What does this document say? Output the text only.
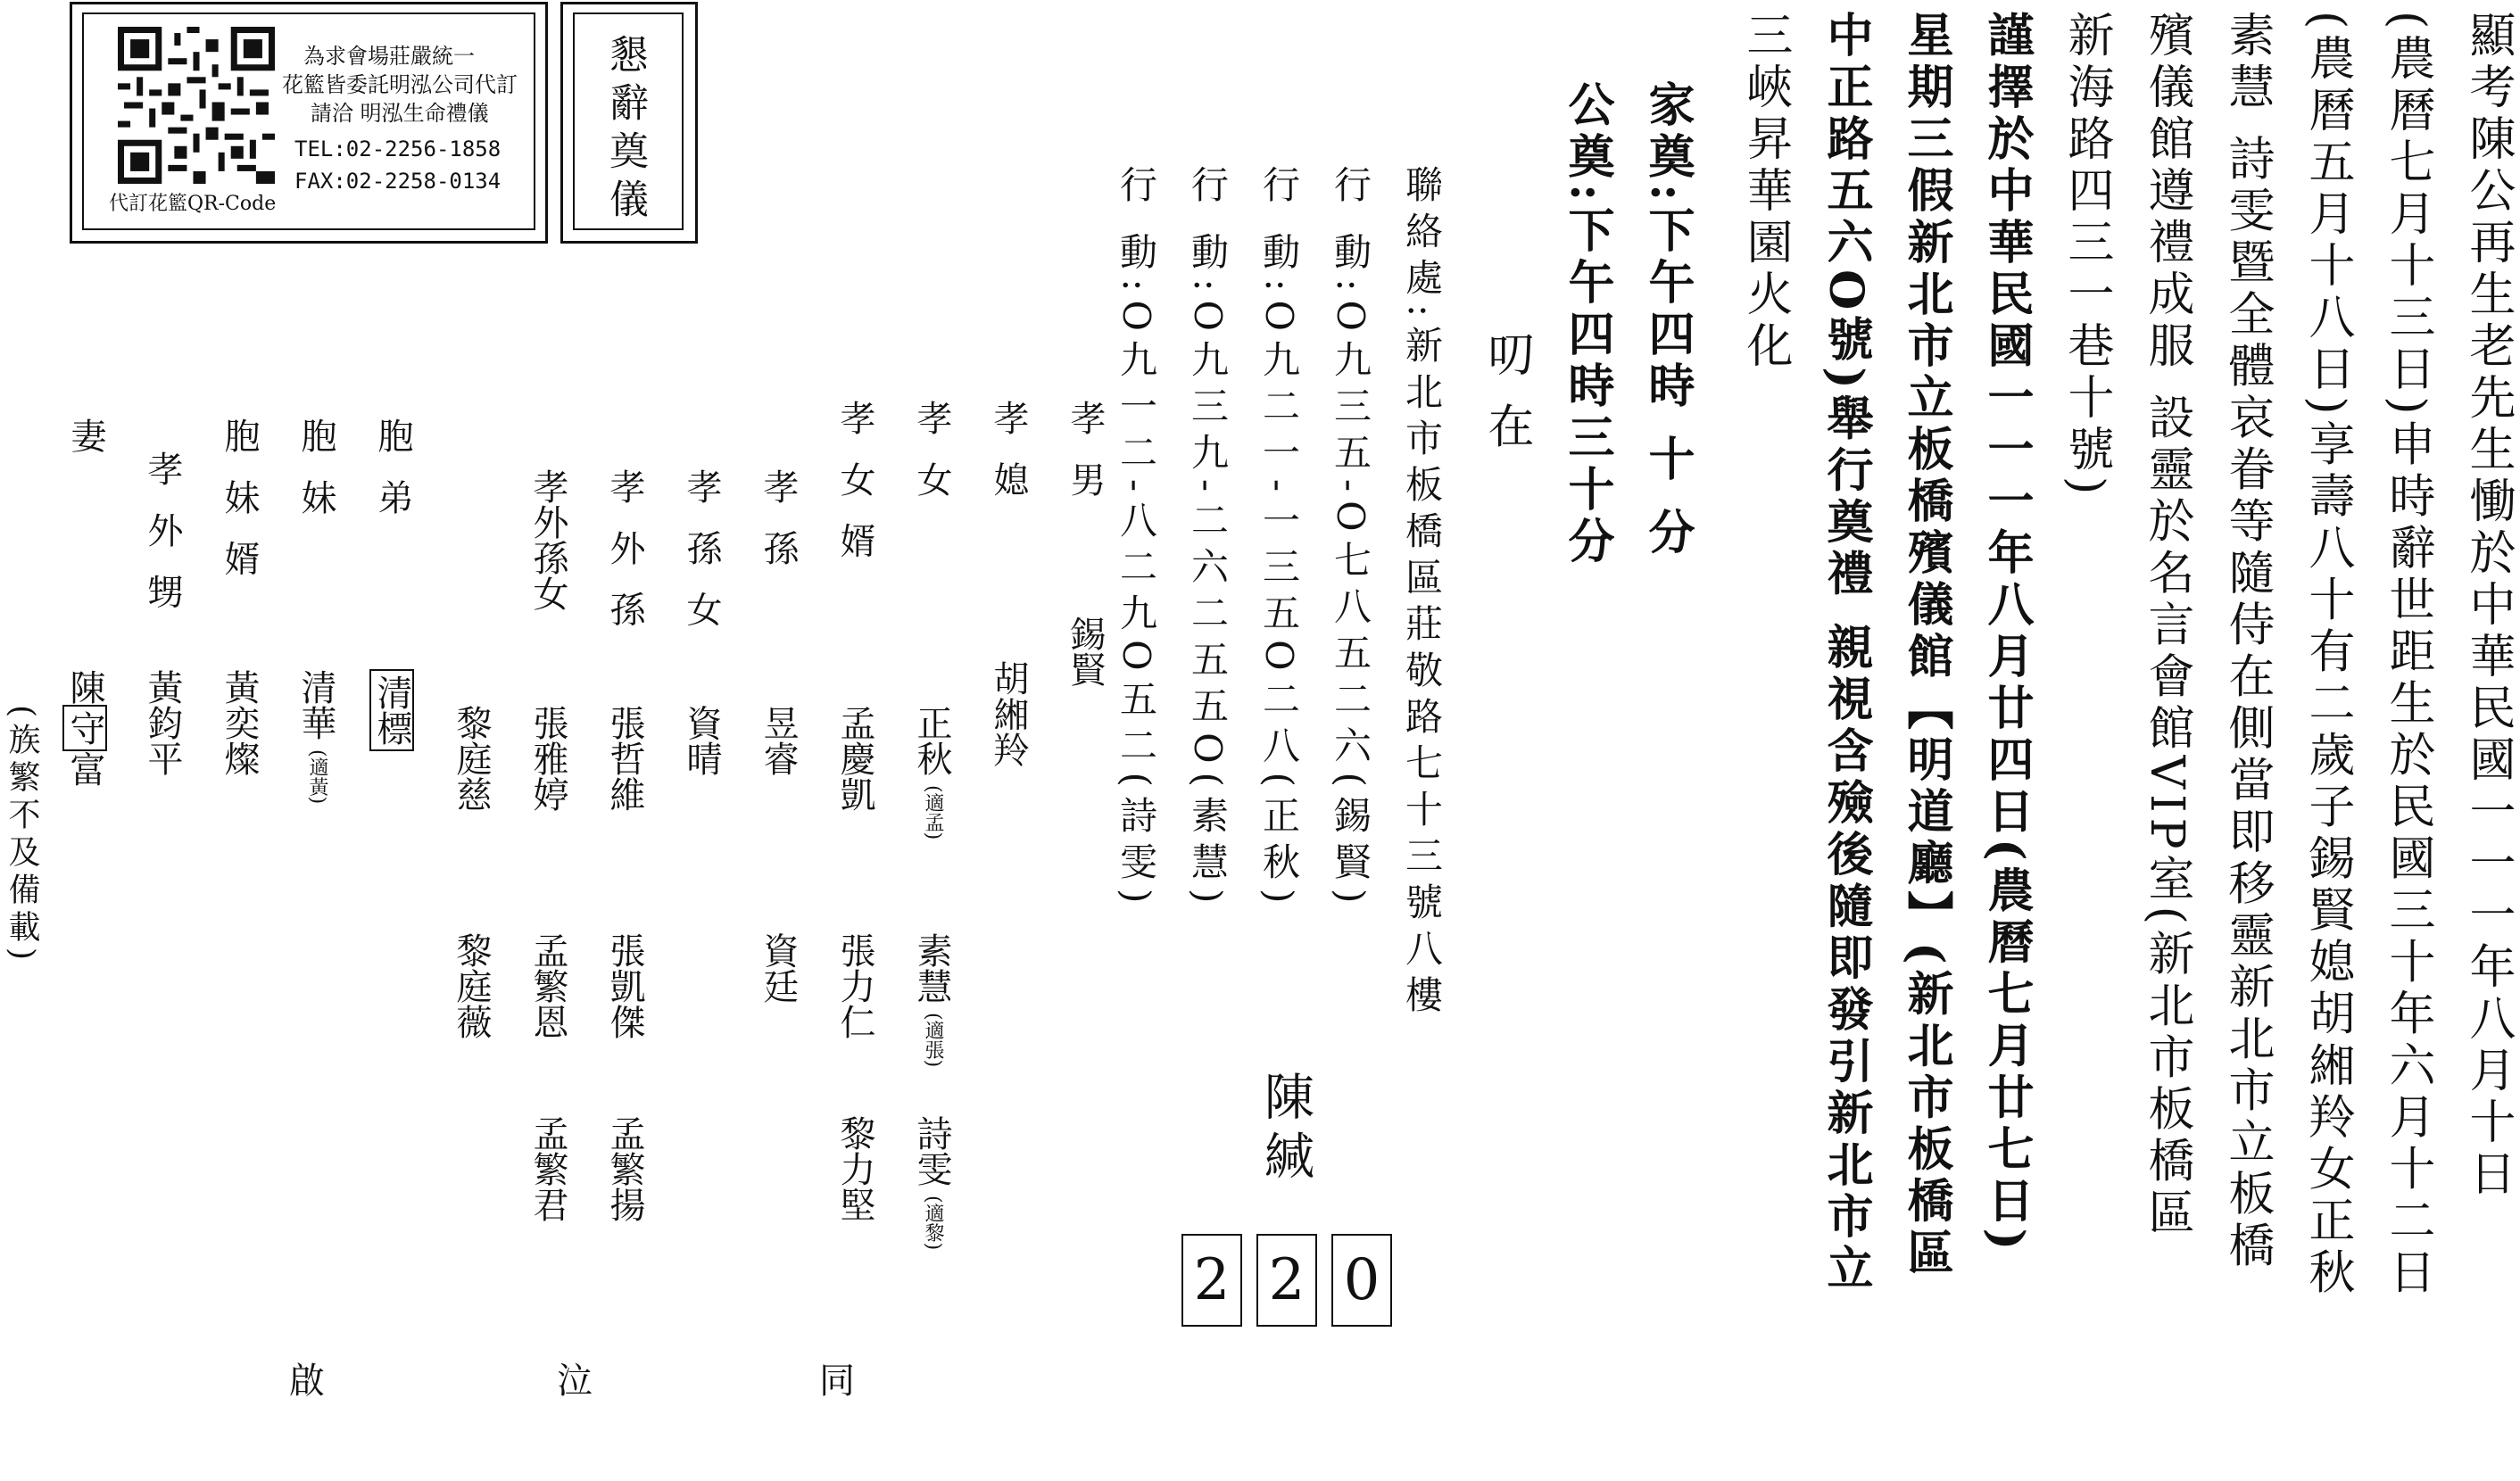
代訂花籃QR-Code
為求會場莊嚴統一
花籃皆委託明泓公司代訂
請洽 明泓生命禮儀
TEL:02-2256-1858
FAX:02-2258-0134	懇辭奠儀	顯考陳公再生老先生慟於中華民國一一一年八月十日
(農曆七月十三日)申時辭世距生於民國三十年六月十二日
(農曆五月十八日)享壽八十有二歲子錫賢媳胡緗羚女正秋
素慧 詩雯暨全體哀眷等隨侍在側當即移靈新北市立板橋
殯儀館遵禮成服 設靈於名言會館VIP室(新北市板橋區
新海路四三一巷十號)
謹擇於中華民國一一一年八月廿四日(農曆七月廿七日)
星期三假新北市立板橋殯儀館【明道廳】(新北市板橋區
中正路五六O號)舉行奠禮 親視含殮後隨即發引新北市立
三峽昇華園火化
家奠:下午四時 十 分
公奠:下午四時三十分
叨 在
聯絡處:新北市板橋區莊敬路七十三號八樓
行 動:O九三五-O七八五二六(錫賢)
行 動:O九二一-一三五O二八(正秋)
行 動:O九三九-二六二五五O(素慧)
行 動:O九一二-八二九O五二(詩雯)
陳緘
2 2 0
孝 男
孝 媳
孝 女
孝 女 婿
孝 孫
孝 孫 女
孝 外 孫
孝外孫女
錫賢
胡緗羚
正秋
(適孟)
素慧
(適張)
詩雯
(適黎)
孟慶凱
張力仁
黎力堅
昱睿
資廷
資晴
張哲維
張凱傑
孟繁揚
張雅婷
孟繁恩
孟繁君
黎庭慈
黎庭薇
胞 弟
清標
胞 妹
清華
(適黃)
胞 妹 婿
黃奕燦
孝 外 甥
黃鈞平
妻
陳守富
(族繁不及備載)
同
泣
啟
